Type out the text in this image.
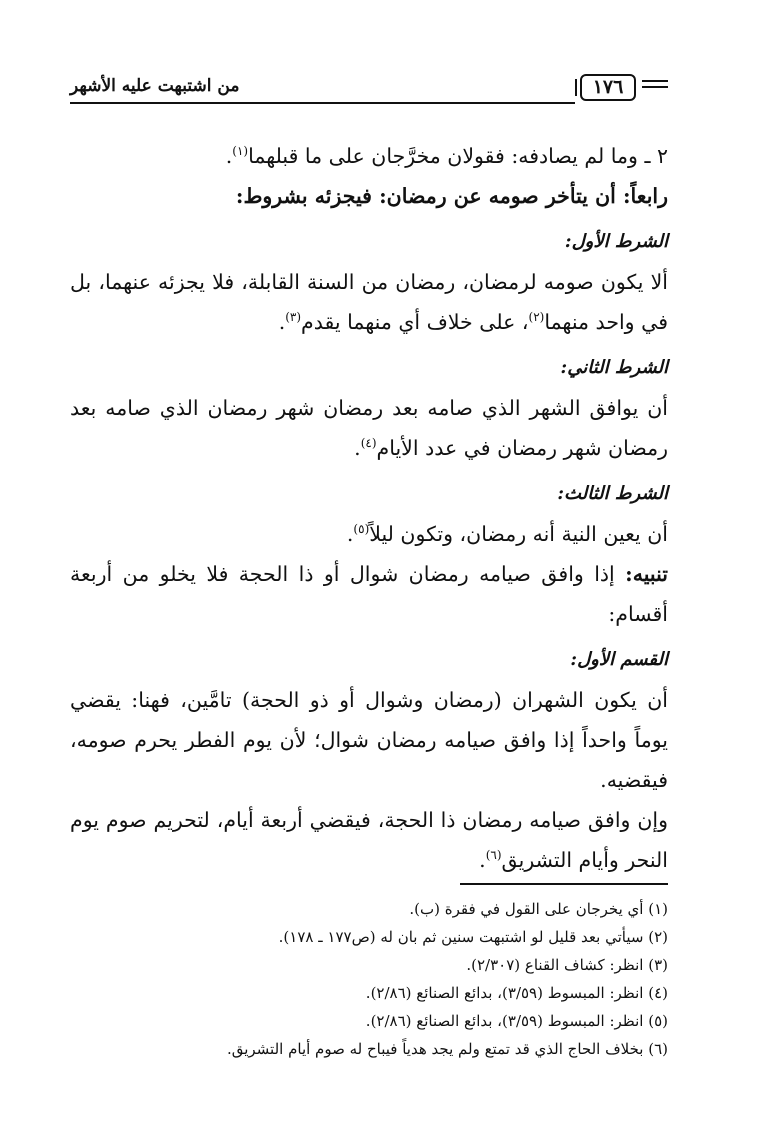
من اشتبهت عليه الأشهر	١٧٦

٢ ـ وما لم يصادفه: فقولان مخرَّجان على ما قبلهما$^{(١)}$.

رابعاً: أن يتأخر صومه عن رمضان: فيجزئه بشروط:

الشرط الأول:

ألا يكون صومه لرمضان، رمضان من السنة القابلة، فلا يجزئه عنهما، بل في واحد منهما$^{(٢)}$، على خلاف أي منهما يقدم$^{(٣)}$.

الشرط الثاني:

أن يوافق الشهر الذي صامه بعد رمضان شهر رمضان الذي صامه بعد رمضان شهر رمضان في عدد الأيام$^{(٤)}$.

الشرط الثالث:

أن يعين النية أنه رمضان، وتكون ليلاً$^{(٥)}$.

تنبيه: إذا وافق صيامه رمضان شوال أو ذا الحجة فلا يخلو من أربعة أقسام:

القسم الأول:

أن يكون الشهران (رمضان وشوال أو ذو الحجة) تامَّين، فهنا: يقضي يوماً واحداً إذا وافق صيامه رمضان شوال؛ لأن يوم الفطر يحرم صومه، فيقضيه.

وإن وافق صيامه رمضان ذا الحجة، فيقضي أربعة أيام، لتحريم صوم يوم النحر وأيام التشريق$^{(٦)}$.

(١) أي يخرجان على القول في فقرة (ب).

(٢) سيأتي بعد قليل لو اشتبهت سنين ثم بان له (ص١٧٧ ـ ١٧٨).

(٣) انظر: كشاف القناع (٢/٣٠٧).

(٤) انظر: المبسوط (٣/٥٩)، بدائع الصنائع (٢/٨٦).

(٥) انظر: المبسوط (٣/٥٩)، بدائع الصنائع (٢/٨٦).

(٦) بخلاف الحاج الذي قد تمتع ولم يجد هدياً فيباح له صوم أيام التشريق.
